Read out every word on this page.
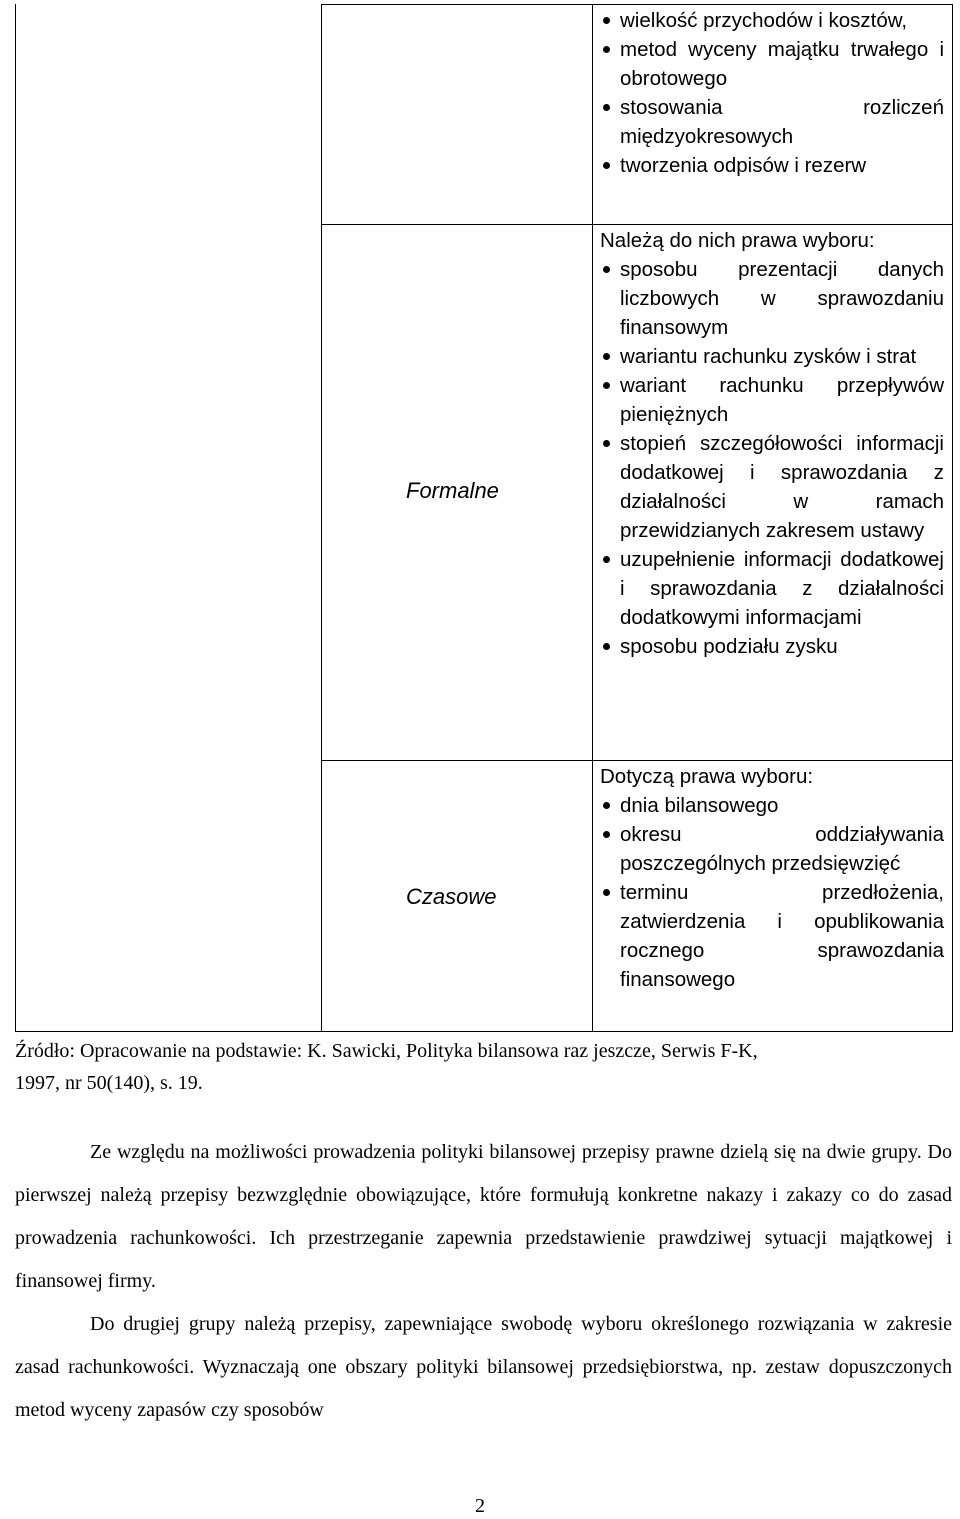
Formalne
Czasowe
wielkość przychodów i kosztów,
metod wyceny majątku trwałego i obrotowego
stosowania rozliczeń międzyokresowych
tworzenia odpisów i rezerw

Należą do nich prawa wyboru:

sposobu prezentacji danych liczbowych w sprawozdaniu finansowym
wariantu rachunku zysków i strat
wariant rachunku przepływów pieniężnych
stopień szczegółowości informacji dodatkowej i sprawozdania z działalności w ramach przewidzianych zakresem ustawy
uzupełnienie informacji dodatkowej i sprawozdania z działalności dodatkowymi informacjami
sposobu podziału zysku

Dotyczą prawa wyboru:

dnia bilansowego
okresu oddziaływania poszczególnych przedsięwzięć
terminu przedłożenia, zatwierdzenia i opublikowania rocznego sprawozdania finansowego

Źródło: Opracowanie na podstawie: K. Sawicki, Polityka bilansowa raz jeszcze, Serwis F-K,

1997, nr 50(140), s. 19.

Ze względu na możliwości prowadzenia polityki bilansowej przepisy prawne dzielą się na dwie grupy. Do pierwszej należą przepisy bezwzględnie obowiązujące, które formułują konkretne nakazy i zakazy co do zasad prowadzenia rachunkowości. Ich przestrzeganie zapewnia przedstawienie prawdziwej sytuacji majątkowej i finansowej firmy.

Do drugiej grupy należą przepisy, zapewniające swobodę wyboru określonego rozwiązania w zakresie zasad rachunkowości. Wyznaczają one obszary polityki bilansowej przedsiębiorstwa, np. zestaw dopuszczonych metod wyceny zapasów czy sposobów

2
